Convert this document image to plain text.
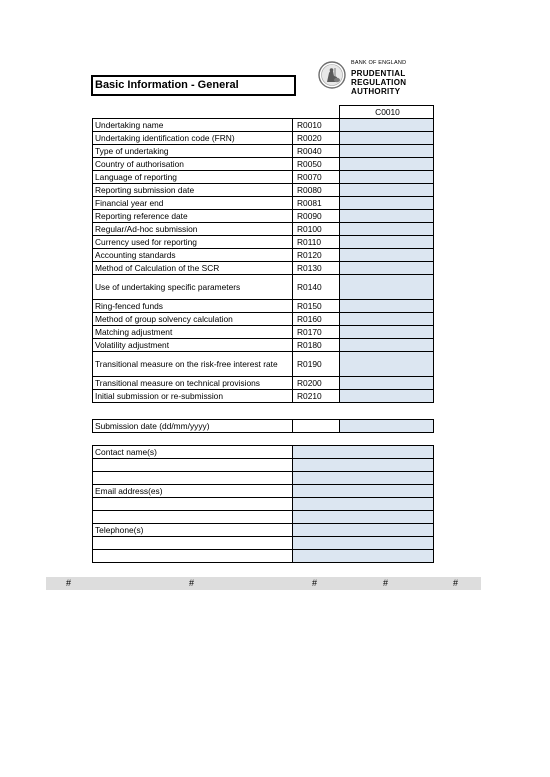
Basic Information - General
BANK OF ENGLAND
PRUDENTIAL REGULATION
AUTHORITY
		C0010
Undertaking name	R0010	
Undertaking identification code (FRN)	R0020	
Type of undertaking	R0040	
Country of authorisation	R0050	
Language of reporting	R0070	
Reporting submission date	R0080	
Financial year end	R0081	
Reporting reference date	R0090	
Regular/Ad-hoc submission	R0100	
Currency used for reporting	R0110	
Accounting standards	R0120	
Method of Calculation of the SCR	R0130	
Use of undertaking specific parameters	R0140	
Ring-fenced funds	R0150	
Method of group solvency calculation	R0160	
Matching adjustment	R0170	
Volatility adjustment	R0180	
Transitional measure on the risk-free interest rate	R0190	
Transitional measure on technical provisions	R0200	
Initial submission or re-submission	R0210	
Submission date (dd/mm/yyyy)		
Contact name(s)	

Email address(es)	

Telephone(s)	

#	#	#	#	#
